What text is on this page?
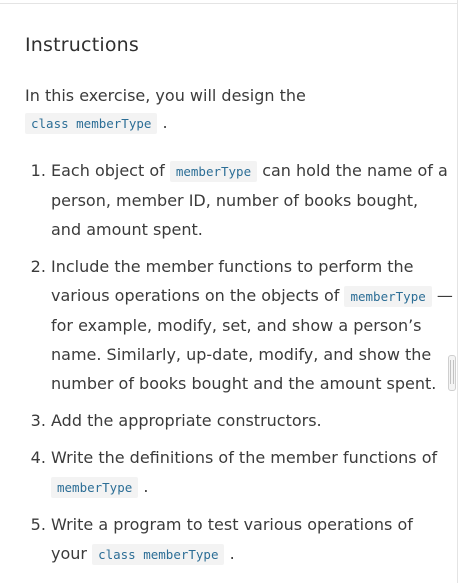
Instructions
In this exercise, you will design the
class memberType .
1. Each object of memberType can hold the name of a person, member ID, number of books bought, and amount spent.
2. Include the member functions to perform the various operations on the objects of memberType —for example, modify, set, and show a person’s name. Similarly, up-date, modify, and show the number of books bought and the amount spent.
3. Add the appropriate constructors.
4. Write the definitions of the member functions of memberType .
5. Write a program to test various operations of your class memberType .
